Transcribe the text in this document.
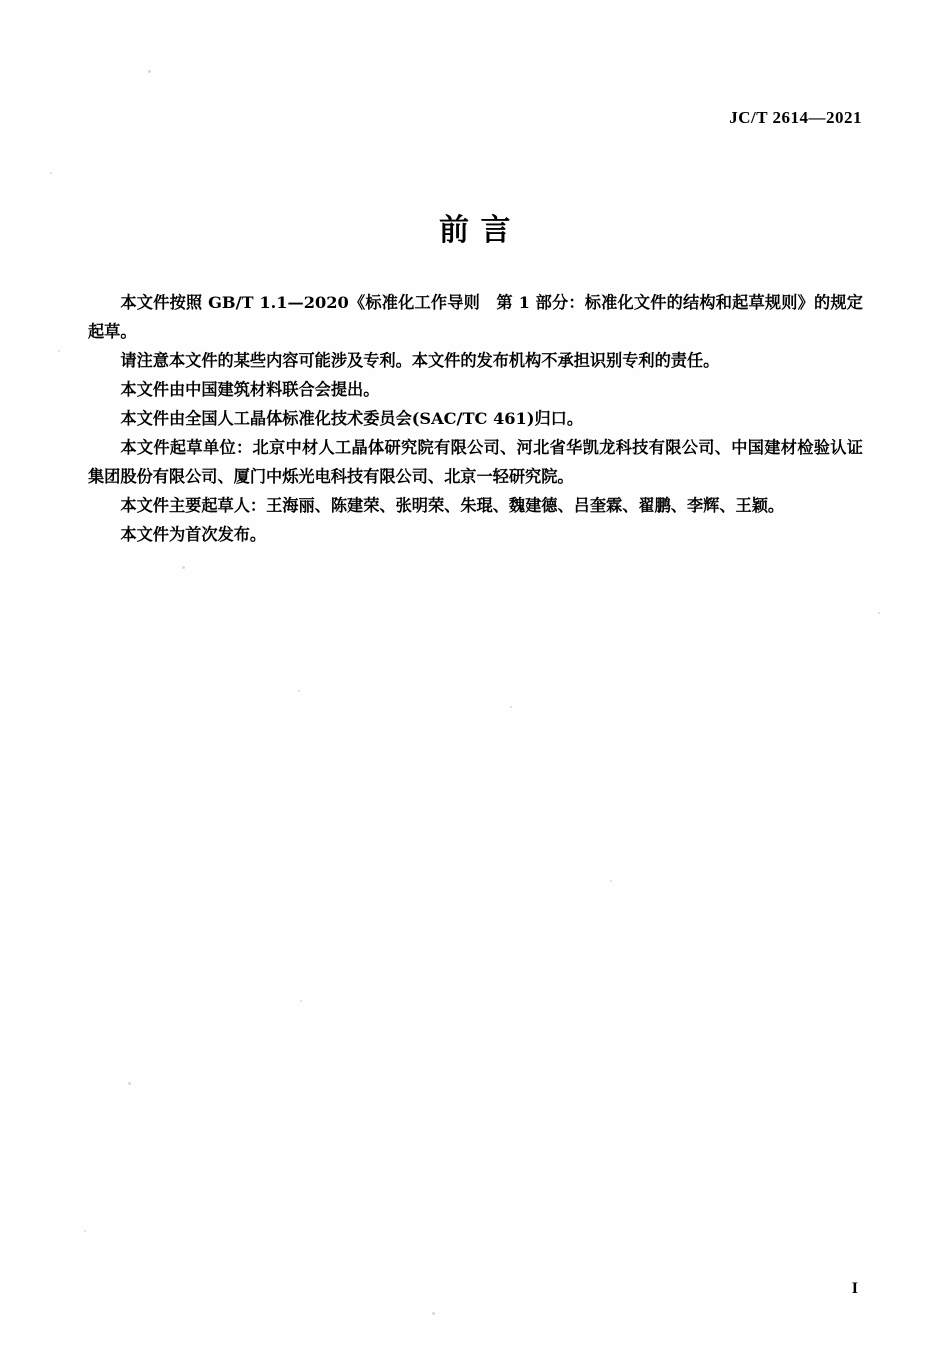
JC/T 2614—2021
前 言

本文件按照 GB/T 1.1—2020《标准化工作导则　第 1 部分：标准化文件的结构和起草规则》的规定起草。

请注意本文件的某些内容可能涉及专利。本文件的发布机构不承担识别专利的责任。

本文件由中国建筑材料联合会提出。

本文件由全国人工晶体标准化技术委员会(SAC/TC 461)归口。

本文件起草单位：北京中材人工晶体研究院有限公司、河北省华凯龙科技有限公司、中国建材检验认证集团股份有限公司、厦门中烁光电科技有限公司、北京一轻研究院。

本文件主要起草人：王海丽、陈建荣、张明荣、朱琨、魏建德、吕奎霖、翟鹏、李辉、王颖。

本文件为首次发布。

I
